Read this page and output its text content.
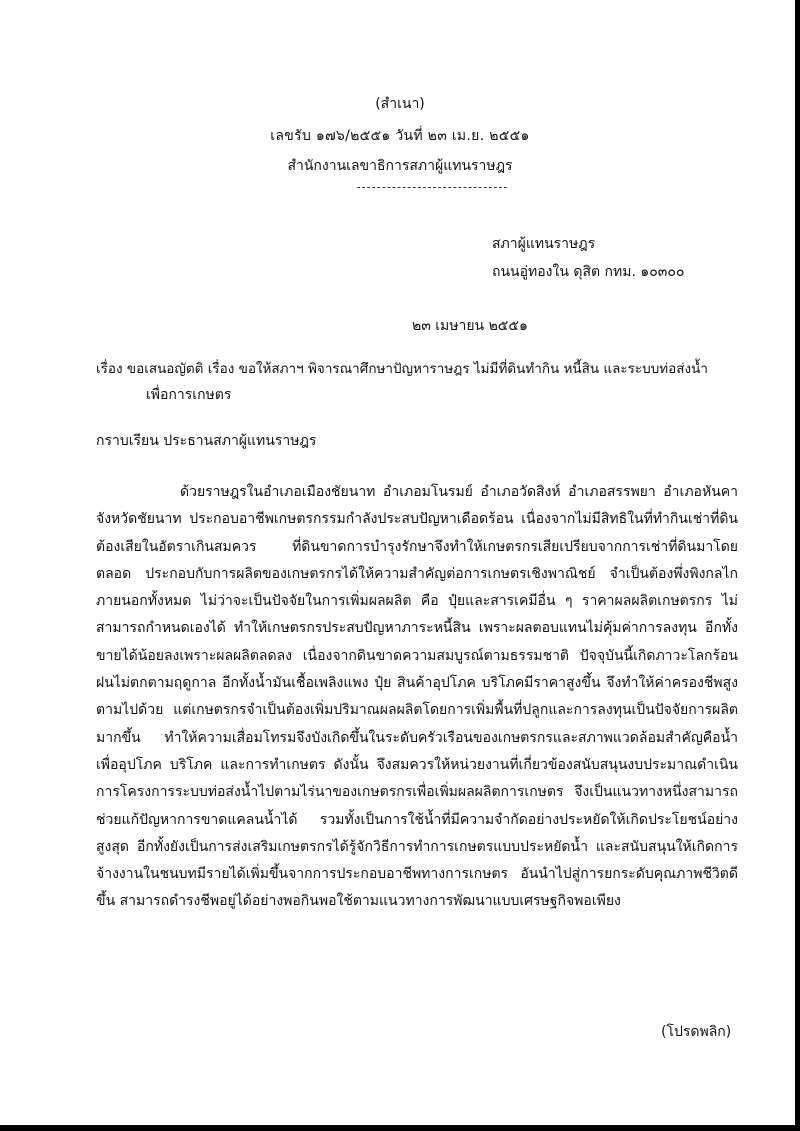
(สำเนา)
เลขรับ ๑๗๖/๒๕๕๑ วันที่ ๒๓ เม.ย. ๒๕๕๑
สำนักงานเลขาธิการสภาผู้แทนราษฎร
สภาผู้แทนราษฎร
ถนนอู่ทองใน ดุสิต กทม. ๑๐๓๐๐
๒๓ เมษายน ๒๕๕๑
เรื่อง ขอเสนอญัตติ เรื่อง ขอให้สภาฯ พิจารณาศึกษาปัญหาราษฎร ไม่มีที่ดินทำกิน หนี้สิน และระบบท่อส่งน้ำ
เพื่อการเกษตร
กราบเรียน ประธานสภาผู้แทนราษฎร
ด้วยราษฎรในอำเภอเมืองชัยนาท อำเภอมโนรมย์ อำเภอวัดสิงห์ อำเภอสรรพยา อำเภอหันคา จังหวัดชัยนาท ประกอบอาชีพเกษตรกรรมกำลังประสบปัญหาเดือดร้อน เนื่องจากไม่มีสิทธิในที่ทำกินเช่าที่ดินต้องเสียในอัตราเกินสมควร ที่ดินขาดการบำรุงรักษาจึงทำให้เกษตรกรเสียเปรียบจากการเช่าที่ดินมาโดยตลอด ประกอบกับการผลิตของเกษตรกรได้ให้ความสำคัญต่อการเกษตรเชิงพาณิชย์ จำเป็นต้องพึ่งพิงกลไก ภายนอกทั้งหมด ไม่ว่าจะเป็นปัจจัยในการเพิ่มผลผลิต คือ ปุ๋ยและสารเคมีอื่น ๆ ราคาผลผลิตเกษตรกร ไม่สามารถกำหนดเองได้ ทำให้เกษตรกรประสบปัญหาภาระหนี้สิน เพราะผลตอบแทนไม่คุ้มค่าการลงทุน อีกทั้งขายได้น้อยลงเพราะผลผลิตลดลง เนื่องจากดินขาดความสมบูรณ์ตามธรรมชาติ ปัจจุบันนี้เกิดภาวะโลกร้อนฝนไม่ตกตามฤดูกาล อีกทั้งน้ำมันเชื้อเพลิงแพง ปุ๋ย สินค้าอุปโภค บริโภคมีราคาสูงขึ้น จึงทำให้ค่าครองชีพสูงตามไปด้วย แต่เกษตรกรจำเป็นต้องเพิ่มปริมาณผลผลิตโดยการเพิ่มพื้นที่ปลูกและการลงทุนเป็นปัจจัยการผลิตมากขึ้น ทำให้ความเสื่อมโทรมจึงบังเกิดขึ้นในระดับครัวเรือนของเกษตรกรและสภาพแวดล้อมสำคัญคือน้ำเพื่ออุปโภค บริโภค และการทำเกษตร ดังนั้น จึงสมควรให้หน่วยงานที่เกี่ยวข้องสนับสนุนงบประมาณดำเนินการโครงการระบบท่อส่งน้ำไปตามไร่นาของเกษตรกรเพื่อเพิ่มผลผลิตการเกษตร จึงเป็นแนวทางหนึ่งสามารถช่วยแก้ปัญหาการขาดแคลนน้ำได้ รวมทั้งเป็นการใช้น้ำที่มีความจำกัดอย่างประหยัดให้เกิดประโยชน์อย่างสูงสุด อีกทั้งยังเป็นการส่งเสริมเกษตรกรได้รู้จักวิธีการทำการเกษตรแบบประหยัดน้ำ และสนับสนุนให้เกิดการจ้างงานในชนบทมีรายได้เพิ่มขึ้นจากการประกอบอาชีพทางการเกษตร อันนำไปสู่การยกระดับคุณภาพชีวิตดีขึ้น สามารถดำรงชีพอยู่ได้อย่างพอกินพอใช้ตามแนวทางการพัฒนาแบบเศรษฐกิจพอเพียง
(โปรดพลิก)
